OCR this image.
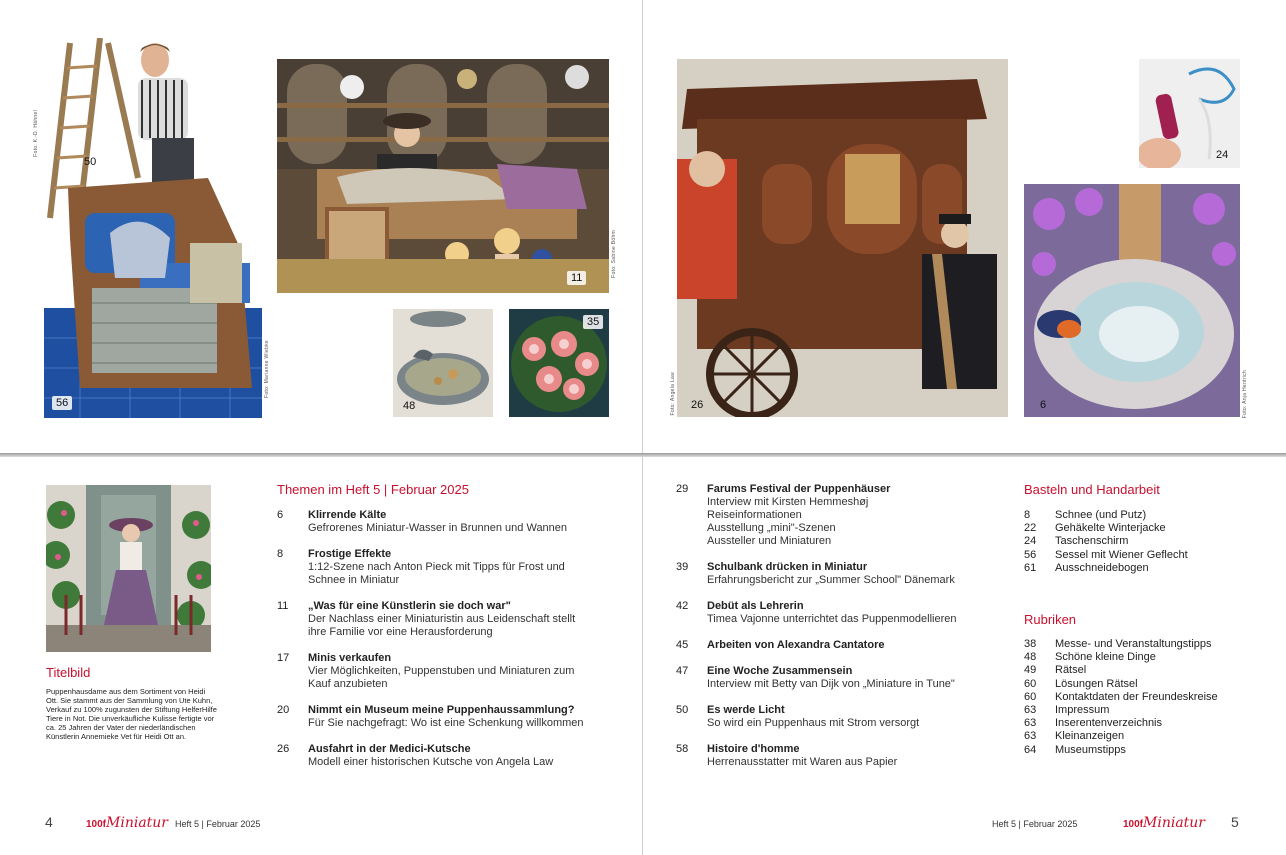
50
56
Foto: K.-D. Hähnel
Foto: Marianne Wiebke
11
Foto: Sabine Böhm
48
35
26
Foto: Angela Law
24
6	Foto: Anja Hentrich
Titelbild
Puppenhausdame aus dem Sortiment von Heidi Ott. Sie stammt aus der Sammlung von Ute Kuhn, Verkauf zu 100% zugunsten der Stiftung HelferHilfe Tiere in Not. Die unverkäufliche Kulisse fertigte vor ca. 25 Jahren der Vater der niederländischen Künstlerin Annemieke Vet für Heidi Ott an.
Themen im Heft 5 | Februar 2025
6	Klirrende Kälte
Gefrorenes Miniatur-Wasser in Brunnen und Wannen
8	Frostige Effekte
1:12-Szene nach Anton Pieck mit Tipps für Frost und
Schnee in Miniatur
11	„Was für eine Künstlerin sie doch war"
Der Nachlass einer Miniaturistin aus Leidenschaft stellt
ihre Familie vor eine Herausforderung
17	Minis verkaufen
Vier Möglichkeiten, Puppenstuben und Miniaturen zum
Kauf anzubieten
20	Nimmt ein Museum meine Puppenhaussammlung?
Für Sie nachgefragt: Wo ist eine Schenkung willkommen
26	Ausfahrt in der Medici-Kutsche
Modell einer historischen Kutsche von Angela Law
29	Farums Festival der Puppenhäuser
Interview mit Kirsten Hemmeshøj
Reiseinformationen
Ausstellung „mini"-Szenen
Aussteller und Miniaturen
39	Schulbank drücken in Miniatur
Erfahrungsbericht zur „Summer School" Dänemark
42	Debüt als Lehrerin
Timea Vajonne unterrichtet das Puppenmodellieren
45	Arbeiten von Alexandra Cantatore
47	Eine Woche Zusammensein
Interview mit Betty van Dijk von „Miniature in Tune"
50	Es werde Licht
So wird ein Puppenhaus mit Strom versorgt
58	Histoire d'homme
Herrenausstatter mit Waren aus Papier
Basteln und Handarbeit
8	Schnee (und Putz)
22	Gehäkelte Winterjacke
24	Taschenschirm
56	Sessel mit Wiener Geflecht
61	Ausschneidebogen
Rubriken
38	Messe- und Veranstaltungstipps
48	Schöne kleine Dinge
49	Rätsel
60	Lösungen Rätsel
60	Kontaktdaten der Freundeskreise
63	Impressum
63	Inserentenverzeichnis
63	Kleinanzeigen
64	Museumstipps
4	100fMiniatur Heft 5 | Februar 2025	Heft 5 | Februar 2025	100fMiniatur 5
